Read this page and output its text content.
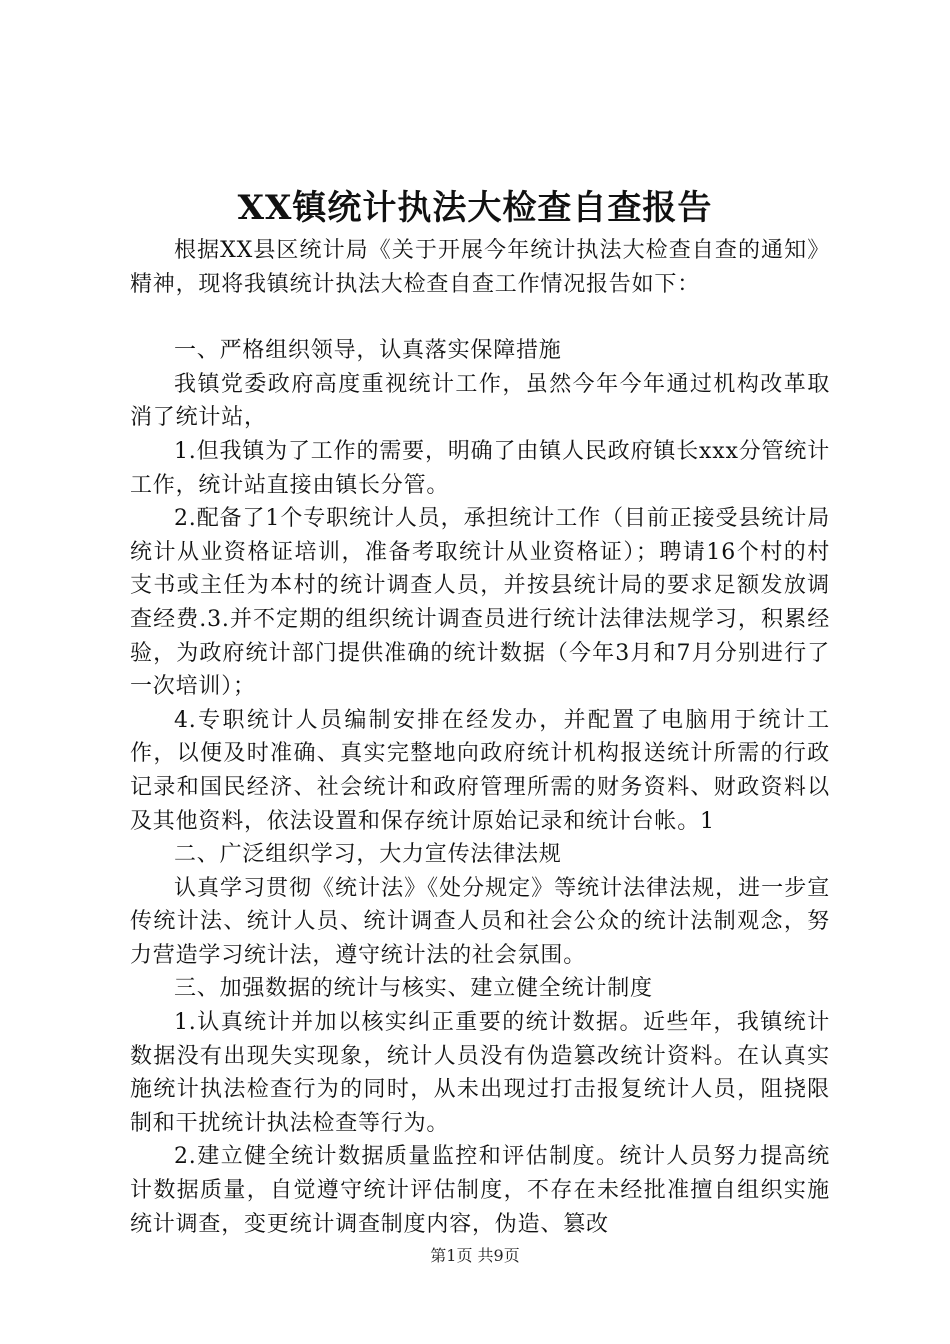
XX镇统计执法大检查自查报告

根据XX县区统计局《关于开展今年统计执法大检查自查的通知》精神，现将我镇统计执法大检查自查工作情况报告如下：

一、严格组织领导，认真落实保障措施

我镇党委政府高度重视统计工作，虽然今年今年通过机构改革取消了统计站，

1.但我镇为了工作的需要，明确了由镇人民政府镇长xxx分管统计工作，统计站直接由镇长分管。

2.配备了1个专职统计人员，承担统计工作（目前正接受县统计局统计从业资格证培训，准备考取统计从业资格证）；聘请16个村的村支书或主任为本村的统计调查人员，并按县统计局的要求足额发放调查经费.3.并不定期的组织统计调查员进行统计法律法规学习，积累经验，为政府统计部门提供准确的统计数据（今年3月和7月分别进行了一次培训）；

4.专职统计人员编制安排在经发办，并配置了电脑用于统计工作，以便及时准确、真实完整地向政府统计机构报送统计所需的行政记录和国民经济、社会统计和政府管理所需的财务资料、财政资料以及其他资料，依法设置和保存统计原始记录和统计台帐。1

二、广泛组织学习，大力宣传法律法规

认真学习贯彻《统计法》《处分规定》等统计法律法规，进一步宣传统计法、统计人员、统计调查人员和社会公众的统计法制观念，努力营造学习统计法，遵守统计法的社会氛围。

三、加强数据的统计与核实、建立健全统计制度

1.认真统计并加以核实纠正重要的统计数据。近些年，我镇统计数据没有出现失实现象，统计人员没有伪造篡改统计资料。在认真实施统计执法检查行为的同时，从未出现过打击报复统计人员，阻挠限制和干扰统计执法检查等行为。

2.建立健全统计数据质量监控和评估制度。统计人员努力提高统计数据质量，自觉遵守统计评估制度，不存在未经批准擅自组织实施统计调查，变更统计调查制度内容，伪造、篡改

第1页 共9页
